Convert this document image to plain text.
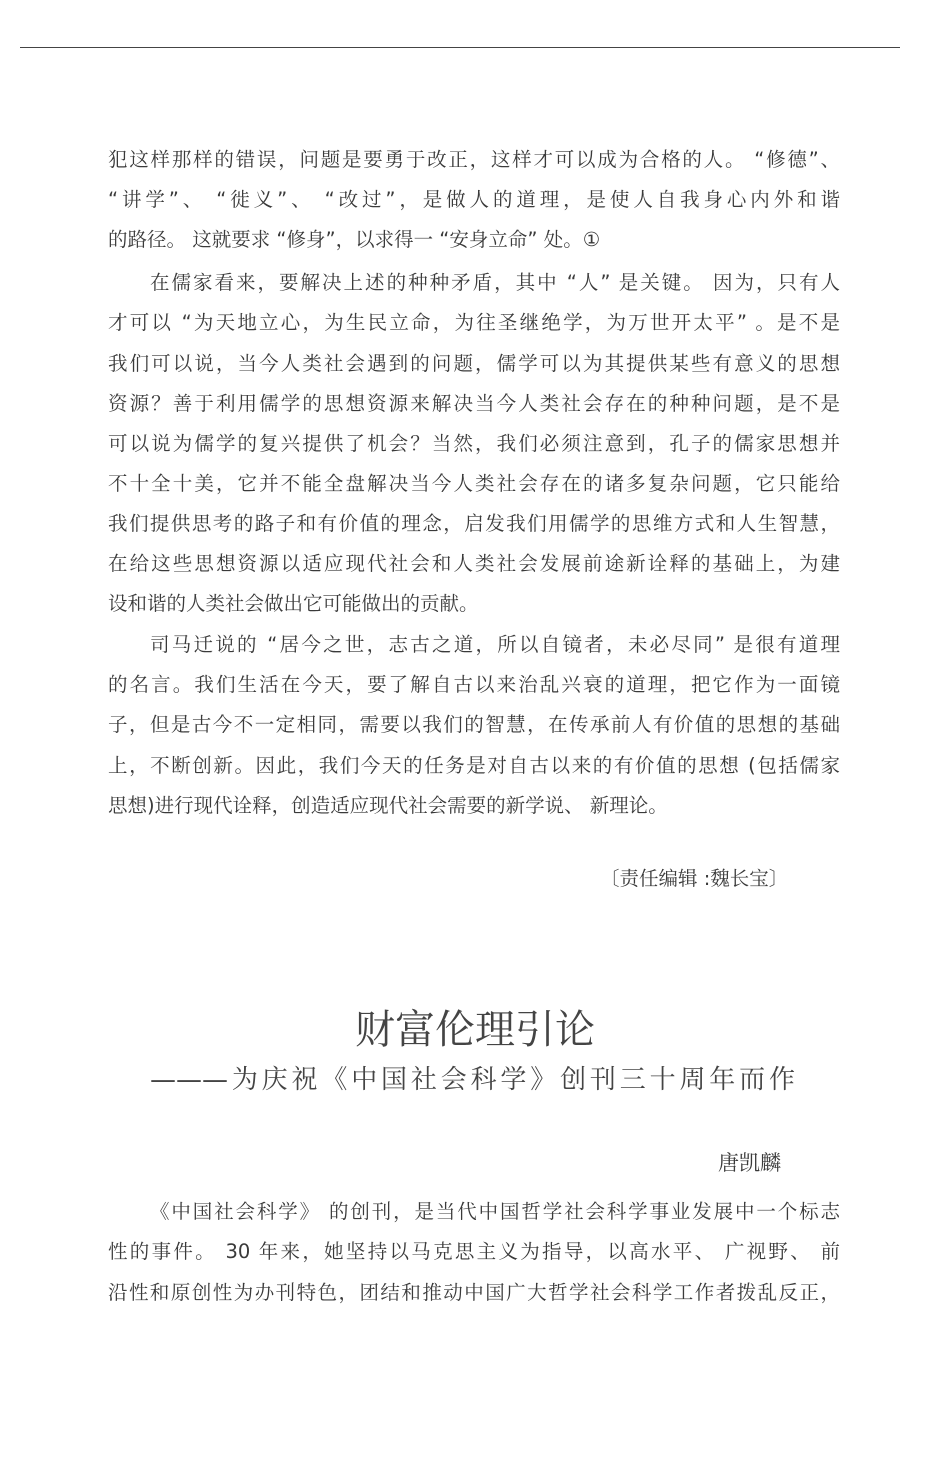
犯这样那样的错误，问题是要勇于改正，这样才可以成为合格的人。 “修德”、
“讲学”、 “徙义”、 “改过”，是做人的道理，是使人自我身心内外和谐
的路径。 这就要求 “修身”，以求得一 “安身立命” 处。①
在儒家看来，要解决上述的种种矛盾，其中 “人” 是关键。 因为，只有人
才可以 “为天地立心，为生民立命，为往圣继绝学，为万世开太平” 。是不是
我们可以说，当今人类社会遇到的问题，儒学可以为其提供某些有意义的思想
资源？善于利用儒学的思想资源来解决当今人类社会存在的种种问题，是不是
可以说为儒学的复兴提供了机会？当然，我们必须注意到，孔子的儒家思想并
不十全十美，它并不能全盘解决当今人类社会存在的诸多复杂问题，它只能给
我们提供思考的路子和有价值的理念，启发我们用儒学的思维方式和人生智慧，
在给这些思想资源以适应现代社会和人类社会发展前途新诠释的基础上，为建
设和谐的人类社会做出它可能做出的贡献。
司马迁说的 “居今之世，志古之道，所以自镜者，未必尽同” 是很有道理
的名言。我们生活在今天，要了解自古以来治乱兴衰的道理，把它作为一面镜
子，但是古今不一定相同，需要以我们的智慧，在传承前人有价值的思想的基础
上，不断创新。因此，我们今天的任务是对自古以来的有价值的思想 (包括儒家
思想)进行现代诠释，创造适应现代社会需要的新学说、 新理论。
〔责任编辑 :魏长宝〕
财富伦理引论
———为庆祝《中国社会科学》创刊三十周年而作
唐凯麟
《中国社会科学》 的创刊，是当代中国哲学社会科学事业发展中一个标志
性的事件。 30 年来，她坚持以马克思主义为指导，以高水平、 广视野、 前
沿性和原创性为办刊特色，团结和推动中国广大哲学社会科学工作者拨乱反正，
